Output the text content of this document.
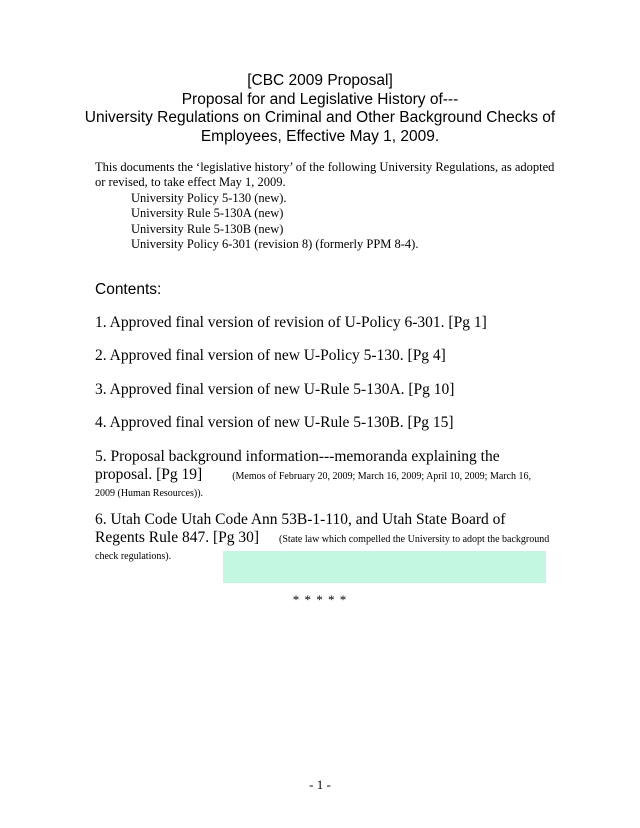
[CBC 2009 Proposal]
Proposal for and Legislative History of---
University Regulations on Criminal and Other Background Checks of
Employees, Effective May 1, 2009.
This documents the ‘legislative history’ of the following University Regulations, as adopted or revised, to take effect May 1, 2009.
University Policy 5-130 (new).
University Rule 5-130A (new)
University Rule 5-130B (new)
University Policy 6-301 (revision 8) (formerly PPM 8-4).
Contents:
1. Approved final version of revision of U-Policy 6-301. [Pg 1]
2. Approved final version of new U-Policy 5-130. [Pg 4]
3. Approved final version of new U-Rule 5-130A. [Pg 10]
4. Approved final version of new U-Rule 5-130B. [Pg 15]
5. Proposal background information---memoranda explaining the proposal. [Pg 19]	(Memos of February 20, 2009; March 16, 2009; April 10, 2009; March 16, 2009 (Human Resources)).
6. Utah Code Utah Code Ann 53B-1-110, and Utah State Board of Regents Rule 847. [Pg 30] (State law which compelled the University to adopt the background check regulations).
* * * * *
- 1 -
